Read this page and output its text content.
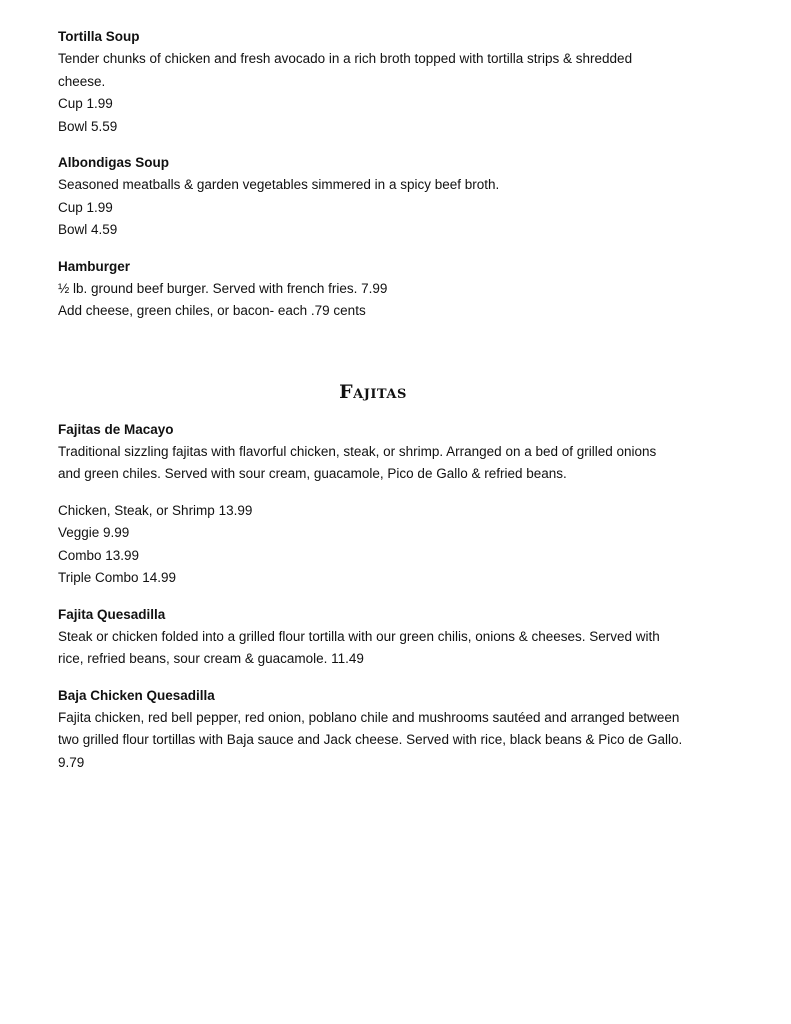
Tortilla Soup
Tender chunks of chicken and fresh avocado in a rich broth topped with tortilla strips & shredded
cheese.
Cup 1.99
Bowl 5.59
Albondigas Soup
Seasoned meatballs & garden vegetables simmered in a spicy beef broth.
Cup 1.99
Bowl 4.59
Hamburger
½ lb. ground beef burger. Served with french fries. 7.99
Add cheese, green chiles, or bacon- each .79 cents
Fajitas
Fajitas de Macayo
Traditional sizzling fajitas with flavorful chicken, steak, or shrimp. Arranged on a bed of grilled onions
and green chiles. Served with sour cream, guacamole, Pico de Gallo & refried beans.
Chicken, Steak, or Shrimp 13.99
Veggie 9.99
Combo 13.99
Triple Combo 14.99
Fajita Quesadilla
Steak or chicken folded into a grilled flour tortilla with our green chilis, onions & cheeses. Served with
rice, refried beans, sour cream & guacamole. 11.49
Baja Chicken Quesadilla
Fajita chicken, red bell pepper, red onion, poblano chile and mushrooms sautéed and arranged between
two grilled flour tortillas with Baja sauce and Jack cheese. Served with rice, black beans & Pico de Gallo.
9.79
